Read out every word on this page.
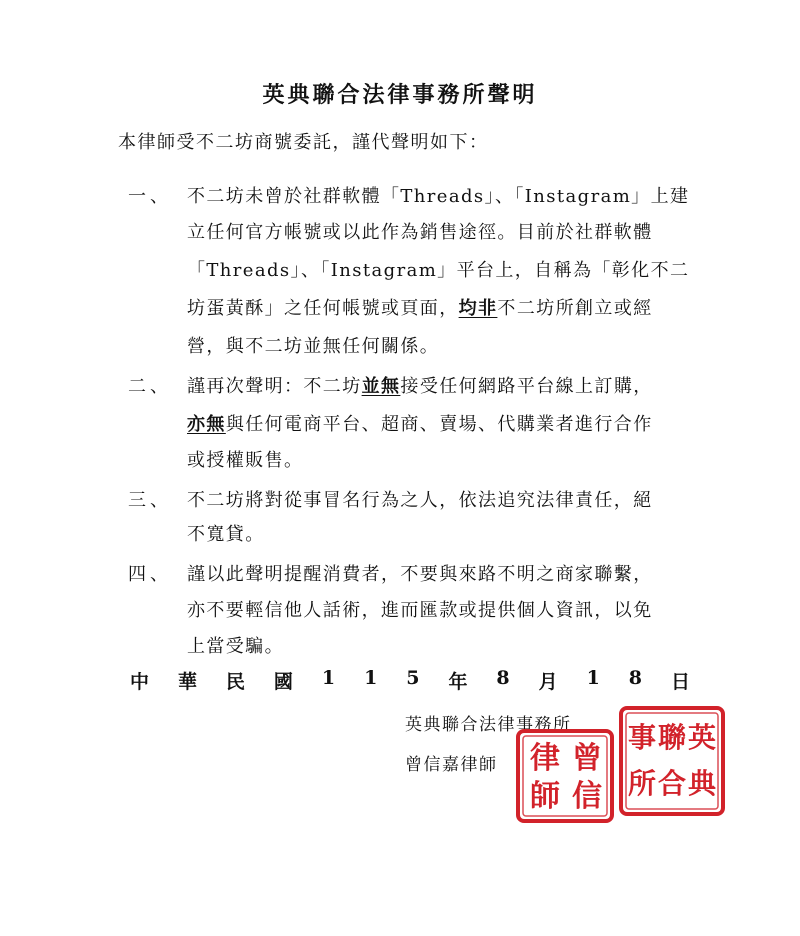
英典聯合法律事務所聲明
本律師受不二坊商號委託，謹代聲明如下：
一、 不二坊未曾於社群軟體「Threads」、「Instagram」上建
立任何官方帳號或以此作為銷售途徑。目前於社群軟體
「Threads」、「Instagram」平台上，自稱為「彰化不二
坊蛋黃酥」之任何帳號或頁面，均非不二坊所創立或經
營，與不二坊並無任何關係。
二、 謹再次聲明：不二坊並無接受任何網路平台線上訂購，
亦無與任何電商平台、超商、賣場、代購業者進行合作
或授權販售。
三、 不二坊將對從事冒名行為之人，依法追究法律責任，絕
不寬貸。
四、 謹以此聲明提醒消費者，不要與來路不明之商家聯繫，
亦不要輕信他人話術，進而匯款或提供個人資訊，以免
上當受騙。
中 華 民 國 1 1 5 年 8 月 1 8 日
英典聯合法律事務所
曾信嘉律師 曾
信
律
師
英
典
聯
合
事
所
